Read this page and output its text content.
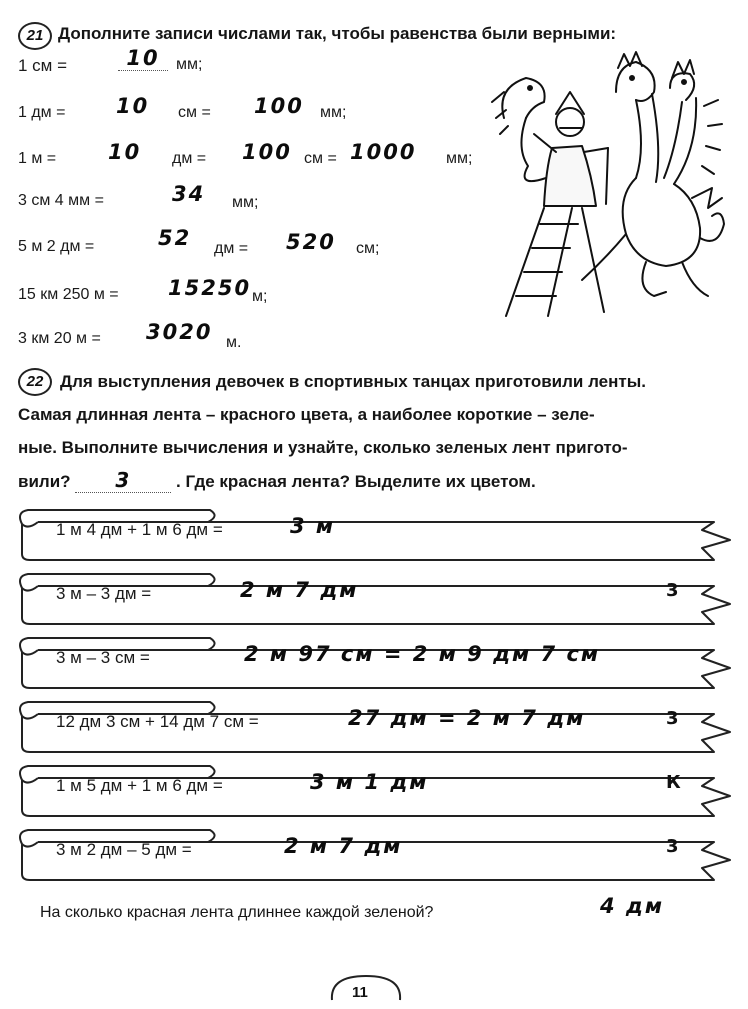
21 Дополните записи числами так, чтобы равенства были верными:
1 см =	10	мм;
1 дм = 10 см = 100 мм;
1 м = 10 дм = 100 см = 1000 мм;
3 см 4 мм =	34 мм;
5 м 2 дм =	52 дм = 520 см;
15 км 250 м = 15250 м;
3 км 20 м = 3020 м.
22 Для выступления девочек в спортивных танцах приготовили ленты.
Самая длинная лента – красного цвета, а наиболее короткие – зеле-
ные. Выполните вычисления и узнайте, сколько зеленых лент пригото-
вили? 3	. Где красная лента? Выделите их цветом.
1 м 4 дм + 1 м 6 дм =	3 м
3 м – 3 дм =	2 м 7 дм	3
3 м – 3 см =	2 м 97 см = 2 м 9 дм 7 см
12 дм 3 см + 14 дм 7 см =	27 дм = 2 м 7 дм	3
1 м 5 дм + 1 м 6 дм =	3 м 1 дм	К
3 м 2 дм – 5 дм =	2 м 7 дм	3
На сколько красная лента длиннее каждой зеленой?	4 дм
11
